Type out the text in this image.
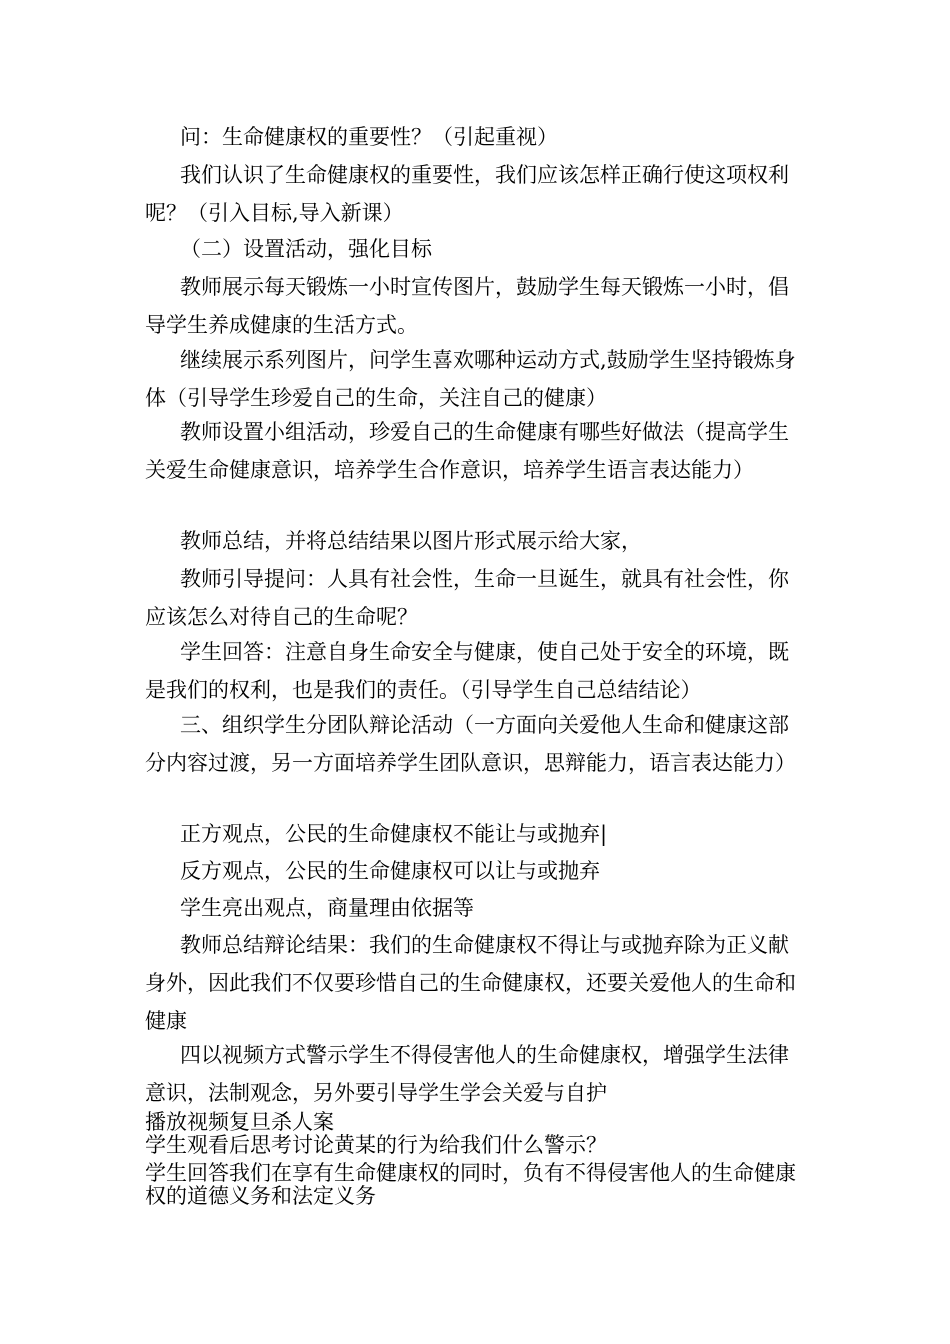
问：生命健康权的重要性？（引起重视）

我们认识了生命健康权的重要性，我们应该怎样正确行使这项权利呢？（引入目标,导入新课）

（二）设置活动，强化目标

教师展示每天锻炼一小时宣传图片，鼓励学生每天锻炼一小时，倡导学生养成健康的生活方式。

继续展示系列图片，问学生喜欢哪种运动方式,鼓励学生坚持锻炼身体（引导学生珍爱自己的生命，关注自己的健康）

教师设置小组活动，珍爱自己的生命健康有哪些好做法（提高学生关爱生命健康意识，培养学生合作意识，培养学生语言表达能力）

教师总结，并将总结结果以图片形式展示给大家，

教师引导提问：人具有社会性，生命一旦诞生，就具有社会性，你应该怎么对待自己的生命呢？

学生回答：注意自身生命安全与健康，使自己处于安全的环境，既是我们的权利，也是我们的责任。（引导学生自己总结结论）

三、组织学生分团队辩论活动（一方面向关爱他人生命和健康这部分内容过渡，另一方面培养学生团队意识，思辩能力，语言表达能力）

正方观点，公民的生命健康权不能让与或抛弃|

反方观点，公民的生命健康权可以让与或抛弃

学生亮出观点，商量理由依据等

教师总结辩论结果：我们的生命健康权不得让与或抛弃除为正义献身外，因此我们不仅要珍惜自己的生命健康权，还要关爱他人的生命和健康

四以视频方式警示学生不得侵害他人的生命健康权，增强学生法律意识，法制观念，另外要引导学生学会关爱与自护

播放视频复旦杀人案

学生观看后思考讨论黄某的行为给我们什么警示？

学生回答我们在享有生命健康权的同时，负有不得侵害他人的生命健康权的道德义务和法定义务
